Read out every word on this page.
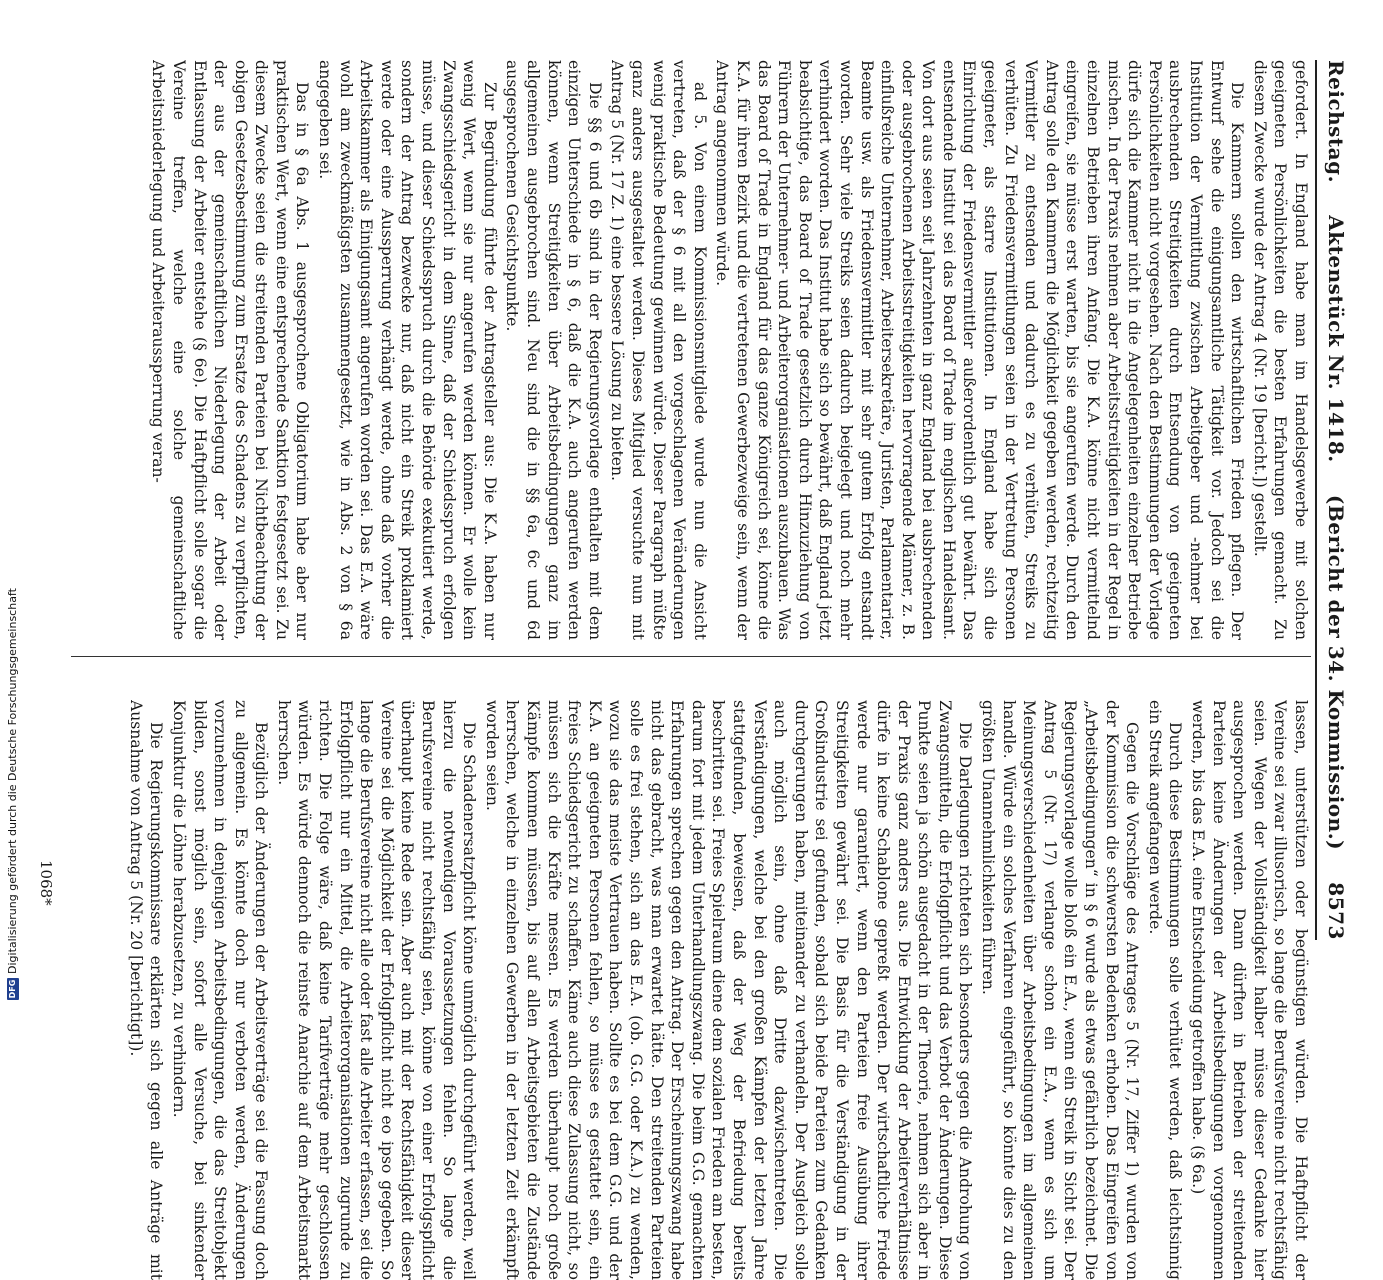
Reichstag.
Aktenstück Nr. 1418.
(Bericht der 34. Kommission.)
8573

gefordert. In England habe man im Handelsgewerbe mit solchen geeigneten Persönlichkeiten die besten Erfahrungen gemacht. Zu diesem Zwecke wurde der Antrag 4 (Nr. 19 [bericht.]) gestellt.

Die Kammern sollen den wirtschaftlichen Frieden pflegen. Der Entwurf sehe die einigungsamtliche Tätigkeit vor. Jedoch sei die Institution der Vermittlung zwischen Arbeitgeber und -nehmer bei ausbrechenden Streitigkeiten durch Entsendung von geeigneten Persönlichkeiten nicht vorgesehen. Nach den Bestimmungen der Vorlage dürfe sich die Kammer nicht in die Angelegenheiten einzelner Betriebe mischen. In der Praxis nehmen aber Arbeitsstreitigkeiten in der Regel in einzelnen Betrieben ihren Anfang. Die K.A. könne nicht vermittelnd eingreifen, sie müsse erst warten, bis sie angerufen werde. Durch den Antrag solle den Kammern die Möglichkeit gegeben werden, rechtzeitig Vermittler zu entsenden und dadurch es zu verhüten, Streiks zu verhüten. Zu Friedensvermittlungen seien in der Vertretung Personen geeigneter, als starre Institutionen. In England habe sich die Einrichtung der Friedensvermittler außerordentlich gut bewährt. Das entsendende Institut sei das Board of Trade im englischen Handelsamt. Von dort aus seien seit Jahrzehnten in ganz England bei ausbrechenden oder ausgebrochenen Arbeitsstreitigkeiten hervorragende Männer, z. B. einflußreiche Unternehmer, Arbeitersekretäre, Juristen, Parlamentarier, Beamte usw. als Friedensvermittler mit sehr gutem Erfolg entsandt worden. Sehr viele Streiks seien dadurch beigelegt und noch mehr verhindert worden. Das Institut habe sich so bewährt, daß England jetzt beabsichtige, das Board of Trade gesetzlich durch Hinzuziehung von Führern der Unternehmer- und Arbeiterorganisationen auszubauen. Was das Board of Trade in England für das ganze Königreich sei, könne die K.A. für ihren Bezirk und die vertretenen Gewerbezweige sein, wenn der Antrag angenommen würde.

ad 5. Von einem Kommissionsmitgliede wurde nun die Ansicht vertreten, daß der § 6 mit all den vorgeschlagenen Veränderungen wenig praktische Bedeutung gewinnen würde. Dieser Paragraph müßte ganz anders ausgestaltet werden. Dieses Mitglied versuchte nun mit Antrag 5 (Nr. 17 Z. 1) eine bessere Lösung zu bieten.

Die §§ 6 und 6b sind in der Regierungsvorlage enthalten mit dem einzigen Unterschiede in § 6, daß die K.A. auch angerufen werden können, wenn Streitigkeiten über Arbeitsbedingungen ganz im allgemeinen ausgebrochen sind. Neu sind die in §§ 6a, 6c und 6d ausgesprochenen Gesichtspunkte.

Zur Begründung führte der Antragsteller aus: Die K.A. haben nur wenig Wert, wenn sie nur angerufen werden können. Er wolle kein Zwangsschiedsgericht in dem Sinne, daß der Schiedsspruch erfolgen müsse, und dieser Schiedsspruch durch die Behörde exekutiert werde, sondern der Antrag bezwecke nur, daß nicht ein Streik proklamiert werde oder eine Aussperrung verhängt werde, ohne daß vorher die Arbeitskammer als Einigungsamt angerufen worden sei. Das E.A. wäre wohl am zweckmäßigsten zusammengesetzt, wie in Abs. 2 von § 6a angegeben sei.

Das in § 6a Abs. 1 ausgesprochene Obligatorium habe aber nur praktischen Wert, wenn eine entsprechende Sanktion festgesetzt sei. Zu diesem Zwecke seien die streitenden Parteien bei Nichtbeachtung der obigen Gesetzesbestimmung zum Ersatze des Schadens zu verpflichten, der aus der gemeinschaftlichen Niederlegung der Arbeit oder Entlassung der Arbeiter entstehe (§ 6e). Die Haftpflicht solle sogar die Vereine treffen, welche eine solche gemeinschaftliche Arbeitsniederlegung und Arbeiteraussperrung veran-

lassen, unterstützen oder begünstigen würden. Die Haftpflicht der Vereine sei zwar illusorisch, so lange die Berufsvereine nicht rechtsfähig seien. Wegen der Vollständigkeit halber müsse dieser Gedanke hier ausgesprochen werden. Dann dürften in Betrieben der streitenden Parteien keine Änderungen der Arbeitsbedingungen vorgenommen werden, bis das E.A. eine Entscheidung getroffen habe. (§ 6a.)

Durch diese Bestimmungen solle verhütet werden, daß leichtsinnig ein Streik angefangen werde.

Gegen die Vorschläge des Antrages 5 (Nr. 17, Ziffer 1) wurden von der Kommission die schwersten Bedenken erhoben. Das Eingreifen von „Arbeitsbedingungen“ in § 6 wurde als etwas gefährlich bezeichnet. Die Regierungsvorlage wolle bloß ein E.A., wenn ein Streik in Sicht sei. Der Antrag 5 (Nr. 17) verlange schon ein E.A., wenn es sich um Meinungsverschiedenheiten über Arbeitsbedingungen im allgemeinen handle. Würde ein solches Verfahren eingeführt, so könnte dies zu den größten Unannehmlichkeiten führen.

Die Darlegungen richteten sich besonders gegen die Androhung von Zwangsmitteln, die Erfolgpflicht und das Verbot der Änderungen. Diese Punkte seien ja schön ausgedacht in der Theorie, nehmen sich aber in der Praxis ganz anders aus. Die Entwicklung der Arbeiterverhältnisse dürfe in keine Schablone gepreßt werden. Der wirtschaftliche Friede werde nur garantiert, wenn den Parteien freie Ausübung ihrer Streitigkeiten gewährt sei. Die Basis für die Verständigung in der Großindustrie sei gefunden, sobald sich beide Parteien zum Gedanken durchgerungen haben, miteinander zu verhandeln. Der Ausgleich solle auch möglich sein, ohne daß Dritte dazwischentreten. Die Verständigungen, welche bei den großen Kämpfen der letzten Jahre stattgefunden, beweisen, daß der Weg der Befriedung bereits beschritten sei. Freies Spielraum diene dem sozialen Frieden am besten, darum fort mit jedem Unterhandlungszwang. Die beim G.G. gemachten Erfahrungen sprechen gegen den Antrag. Der Erscheinungszwang habe nicht das gebracht, was man erwartet hätte. Den streitenden Parteien solle es frei stehen, sich an das E.A. (ob. G.G. oder K.A.) zu wenden, wozu sie das meiste Vertrauen haben. Sollte es bei dem G.G. und der K.A. an geeigneten Personen fehlen, so müsse es gestattet sein, ein freies Schiedsgericht zu schaffen. Käme auch diese Zulassung nicht, so müssen sich die Kräfte messen. Es werden überhaupt noch große Kämpfe kommen müssen, bis auf allen Arbeitsgebieten die Zustände herrschen, welche in einzelnen Gewerben in der letzten Zeit erkämpft worden seien.

Die Schadenersatzpflicht könne unmöglich durchgeführt werden, weil hierzu die notwendigen Voraussetzungen fehlen. So lange die Berufsvereine nicht rechtsfähig seien, könne von einer Erfolgspflicht überhaupt keine Rede sein. Aber auch mit der Rechtsfähigkeit dieser Vereine sei die Möglichkeit der Erfolgpflicht nicht eo ipso gegeben. So lange die Berufsvereine nicht alle oder fast alle Arbeiter erfassen, sei die Erfolgpflicht nur ein Mittel, die Arbeiterorganisationen zugrunde zu richten. Die Folge wäre, daß keine Tarifverträge mehr geschlossen würden. Es würde dennoch die reinste Anarchie auf dem Arbeitsmarkt herrschen.

Bezüglich der Änderungen der Arbeitsverträge sei die Fassung doch zu allgemein. Es könnte doch nur verboten werden, Änderungen vorzunehmen in denjenigen Arbeitsbedingungen, die das Streitobjekt bilden, sonst möglich sein, sofort alle Versuche, bei sinkender Konjunktur die Löhne herabzusetzen, zu verhindern.

Die Regierungskommissare erklärten sich gegen alle Anträge mit Ausnahme von Antrag 5 (Nr. 20 [berichtigt]).

1068*
DFG
Digitalisierung gefördert durch die Deutsche Forschungsgemeinschaft
